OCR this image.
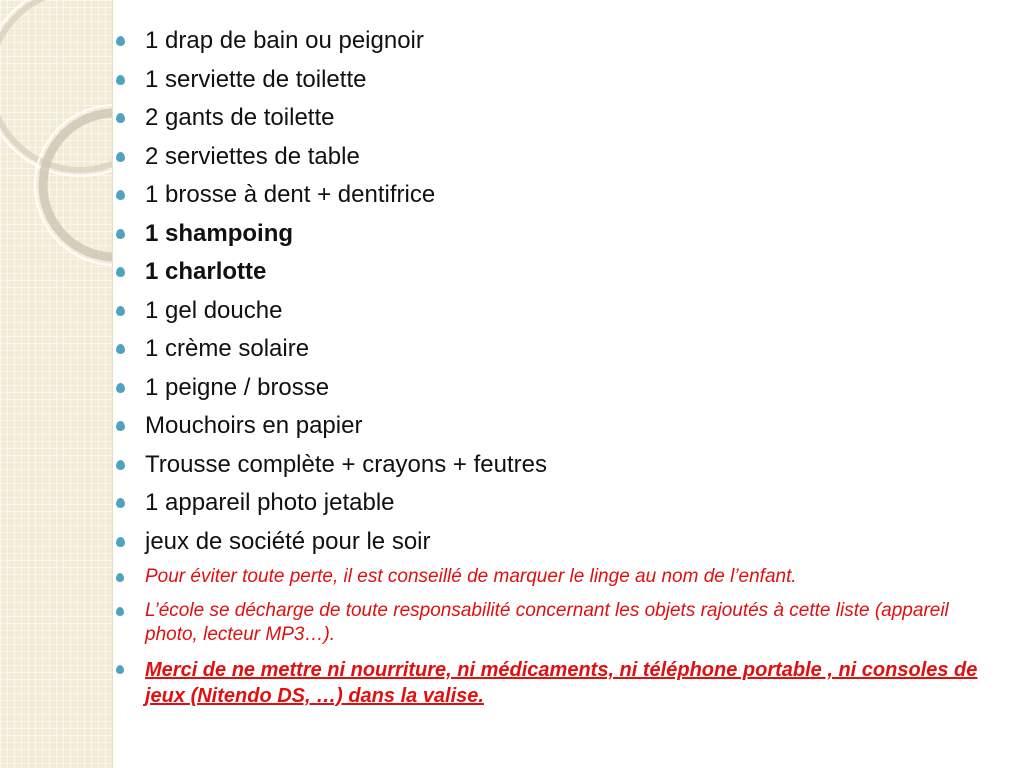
1 drap de bain ou peignoir
1 serviette de toilette
2 gants de toilette
2 serviettes de table
1 brosse à dent + dentifrice
1 shampoing
1 charlotte
1 gel douche
1 crème solaire
1 peigne / brosse
Mouchoirs en papier
Trousse complète + crayons + feutres
1 appareil photo jetable
jeux de société pour le soir
Pour éviter toute perte, il est conseillé de marquer le linge au nom de l’enfant.
L’école se décharge de toute responsabilité concernant les objets rajoutés à cette liste (appareil photo, lecteur MP3…).
Merci de ne mettre ni nourriture, ni médicaments, ni téléphone portable , ni consoles de jeux (Nitendo DS, …) dans la valise.
